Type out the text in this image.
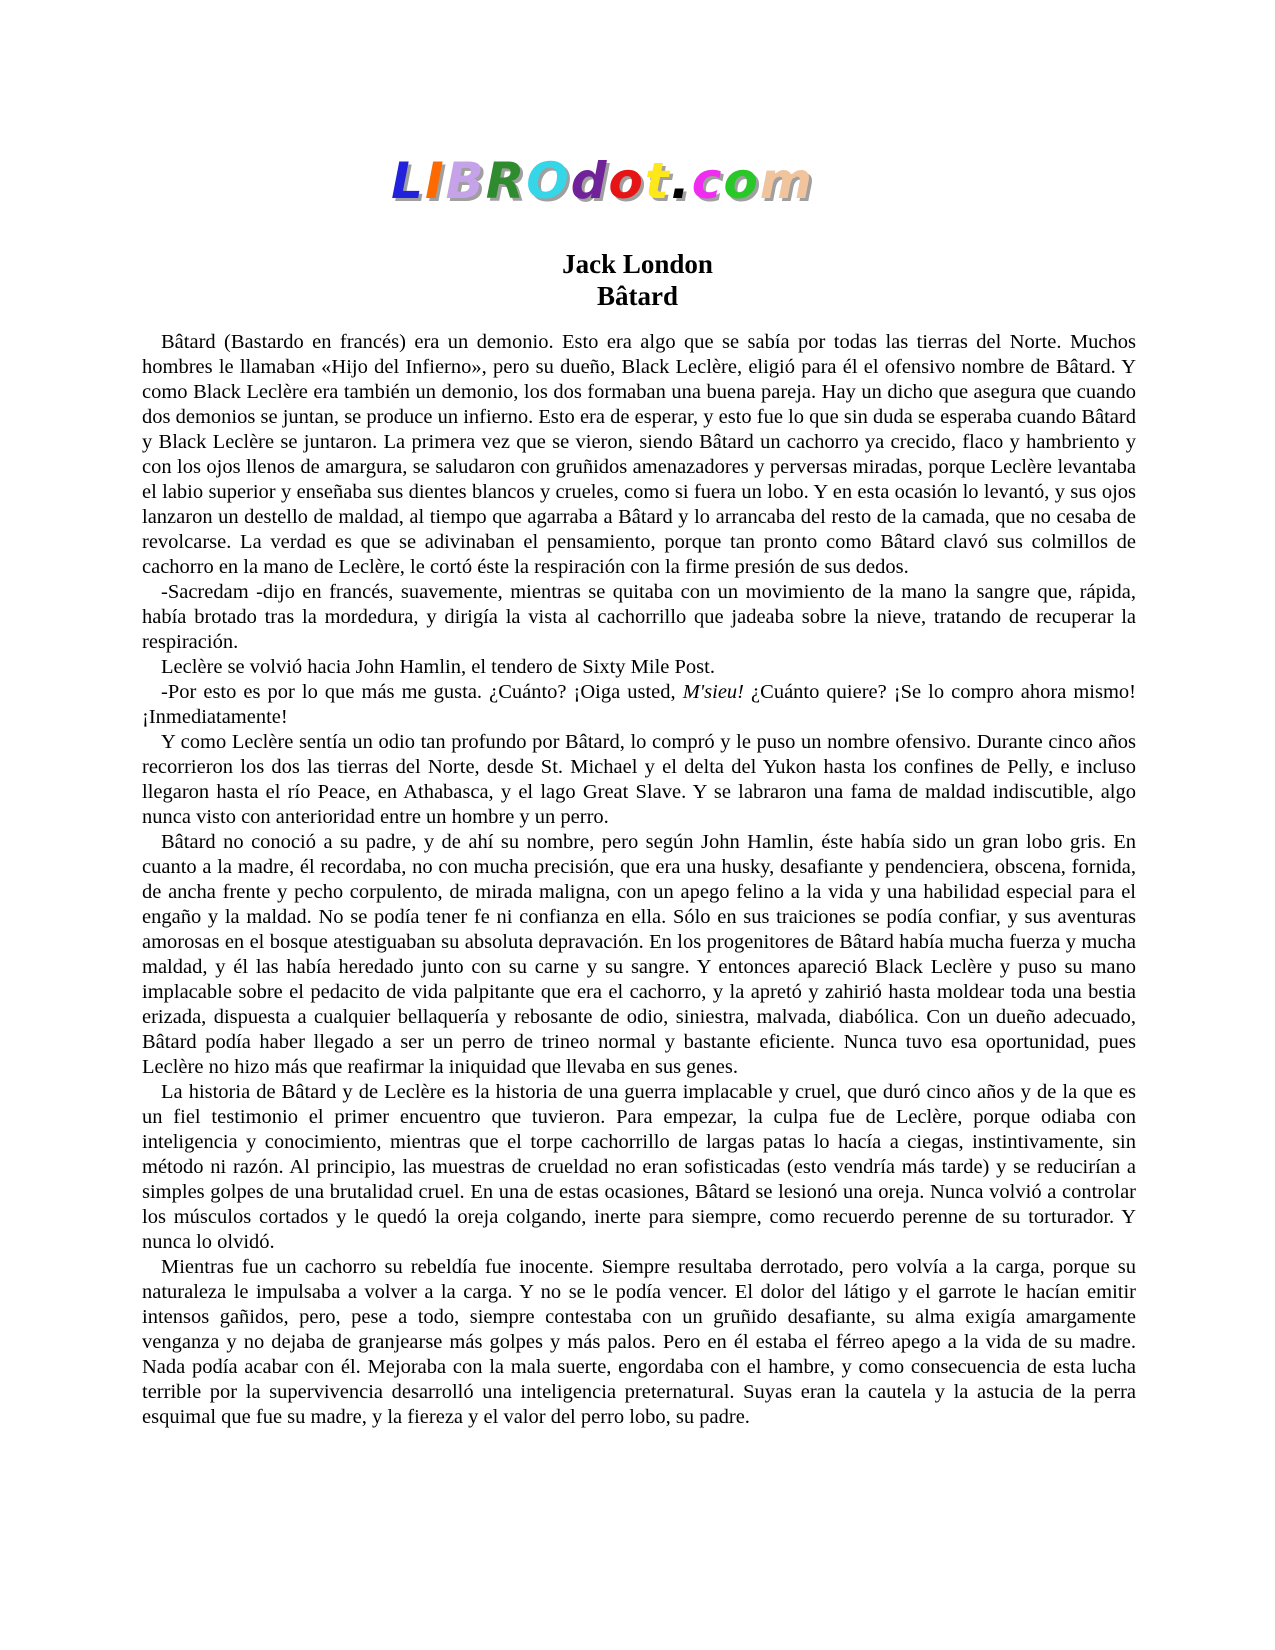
LIBROdot.com
Jack London
Bâtard

Bâtard (Bastardo en francés) era un demonio. Esto era algo que se sabía por todas las tierras del Norte. Muchos hombres le llamaban «Hijo del Infierno», pero su dueño, Black Leclère, eligió para él el ofensivo nombre de Bâtard. Y como Black Leclère era también un demonio, los dos formaban una buena pareja. Hay un dicho que asegura que cuando dos demonios se juntan, se produce un infierno. Esto era de esperar, y esto fue lo que sin duda se esperaba cuando Bâtard y Black Leclère se juntaron. La primera vez que se vieron, siendo Bâtard un cachorro ya crecido, flaco y hambriento y con los ojos llenos de amargura, se saludaron con gruñidos amenazadores y perversas miradas, porque Leclère levantaba el labio superior y enseñaba sus dientes blancos y crueles, como si fuera un lobo. Y en esta ocasión lo levantó, y sus ojos lanzaron un destello de maldad, al tiempo que agarraba a Bâtard y lo arrancaba del resto de la camada, que no cesaba de revolcarse. La verdad es que se adivinaban el pensamiento, porque tan pronto como Bâtard clavó sus colmillos de cachorro en la mano de Leclère, le cortó éste la respiración con la firme presión de sus dedos.

-Sacredam -dijo en francés, suavemente, mientras se quitaba con un movimiento de la mano la sangre que, rápida, había brotado tras la mordedura, y dirigía la vista al cachorrillo que jadeaba sobre la nieve, tratando de recuperar la respiración.

Leclère se volvió hacia John Hamlin, el tendero de Sixty Mile Post.

-Por esto es por lo que más me gusta. ¿Cuánto? ¡Oiga usted, M'sieu! ¿Cuánto quiere? ¡Se lo compro ahora mismo! ¡Inmediatamente!

Y como Leclère sentía un odio tan profundo por Bâtard, lo compró y le puso un nombre ofensivo. Durante cinco años recorrieron los dos las tierras del Norte, desde St. Michael y el delta del Yukon hasta los confines de Pelly, e incluso llegaron hasta el río Peace, en Athabasca, y el lago Great Slave. Y se labraron una fama de maldad indiscutible, algo nunca visto con anterioridad entre un hombre y un perro.

Bâtard no conoció a su padre, y de ahí su nombre, pero según John Hamlin, éste había sido un gran lobo gris. En cuanto a la madre, él recordaba, no con mucha precisión, que era una husky, desafiante y pendenciera, obscena, fornida, de ancha frente y pecho corpulento, de mirada maligna, con un apego felino a la vida y una habilidad especial para el engaño y la maldad. No se podía tener fe ni confianza en ella. Sólo en sus traiciones se podía confiar, y sus aventuras amorosas en el bosque atestiguaban su absoluta depravación. En los progenitores de Bâtard había mucha fuerza y mucha maldad, y él las había heredado junto con su carne y su sangre. Y entonces apareció Black Leclère y puso su mano implacable sobre el pedacito de vida palpitante que era el cachorro, y la apretó y zahirió hasta moldear toda una bestia erizada, dispuesta a cualquier bellaquería y rebosante de odio, siniestra, malvada, diabólica. Con un dueño adecuado, Bâtard podía haber llegado a ser un perro de trineo normal y bastante eficiente. Nunca tuvo esa oportunidad, pues Leclère no hizo más que reafirmar la iniquidad que llevaba en sus genes.

La historia de Bâtard y de Leclère es la historia de una guerra implacable y cruel, que duró cinco años y de la que es un fiel testimonio el primer encuentro que tuvieron. Para empezar, la culpa fue de Leclère, porque odiaba con inteligencia y conocimiento, mientras que el torpe cachorrillo de largas patas lo hacía a ciegas, instintivamente, sin método ni razón. Al principio, las muestras de crueldad no eran sofisticadas (esto vendría más tarde) y se reducirían a simples golpes de una brutalidad cruel. En una de estas ocasiones, Bâtard se lesionó una oreja. Nunca volvió a controlar los músculos cortados y le quedó la oreja colgando, inerte para siempre, como recuerdo perenne de su torturador. Y nunca lo olvidó.

Mientras fue un cachorro su rebeldía fue inocente. Siempre resultaba derrotado, pero volvía a la carga, porque su naturaleza le impulsaba a volver a la carga. Y no se le podía vencer. El dolor del látigo y el garrote le hacían emitir intensos gañidos, pero, pese a todo, siempre contestaba con un gruñido desafiante, su alma exigía amargamente venganza y no dejaba de granjearse más golpes y más palos. Pero en él estaba el férreo apego a la vida de su madre. Nada podía acabar con él. Mejoraba con la mala suerte, engordaba con el hambre, y como consecuencia de esta lucha terrible por la supervivencia desarrolló una inteligencia preternatural. Suyas eran la cautela y la astucia de la perra esquimal que fue su madre, y la fiereza y el valor del perro lobo, su padre.
